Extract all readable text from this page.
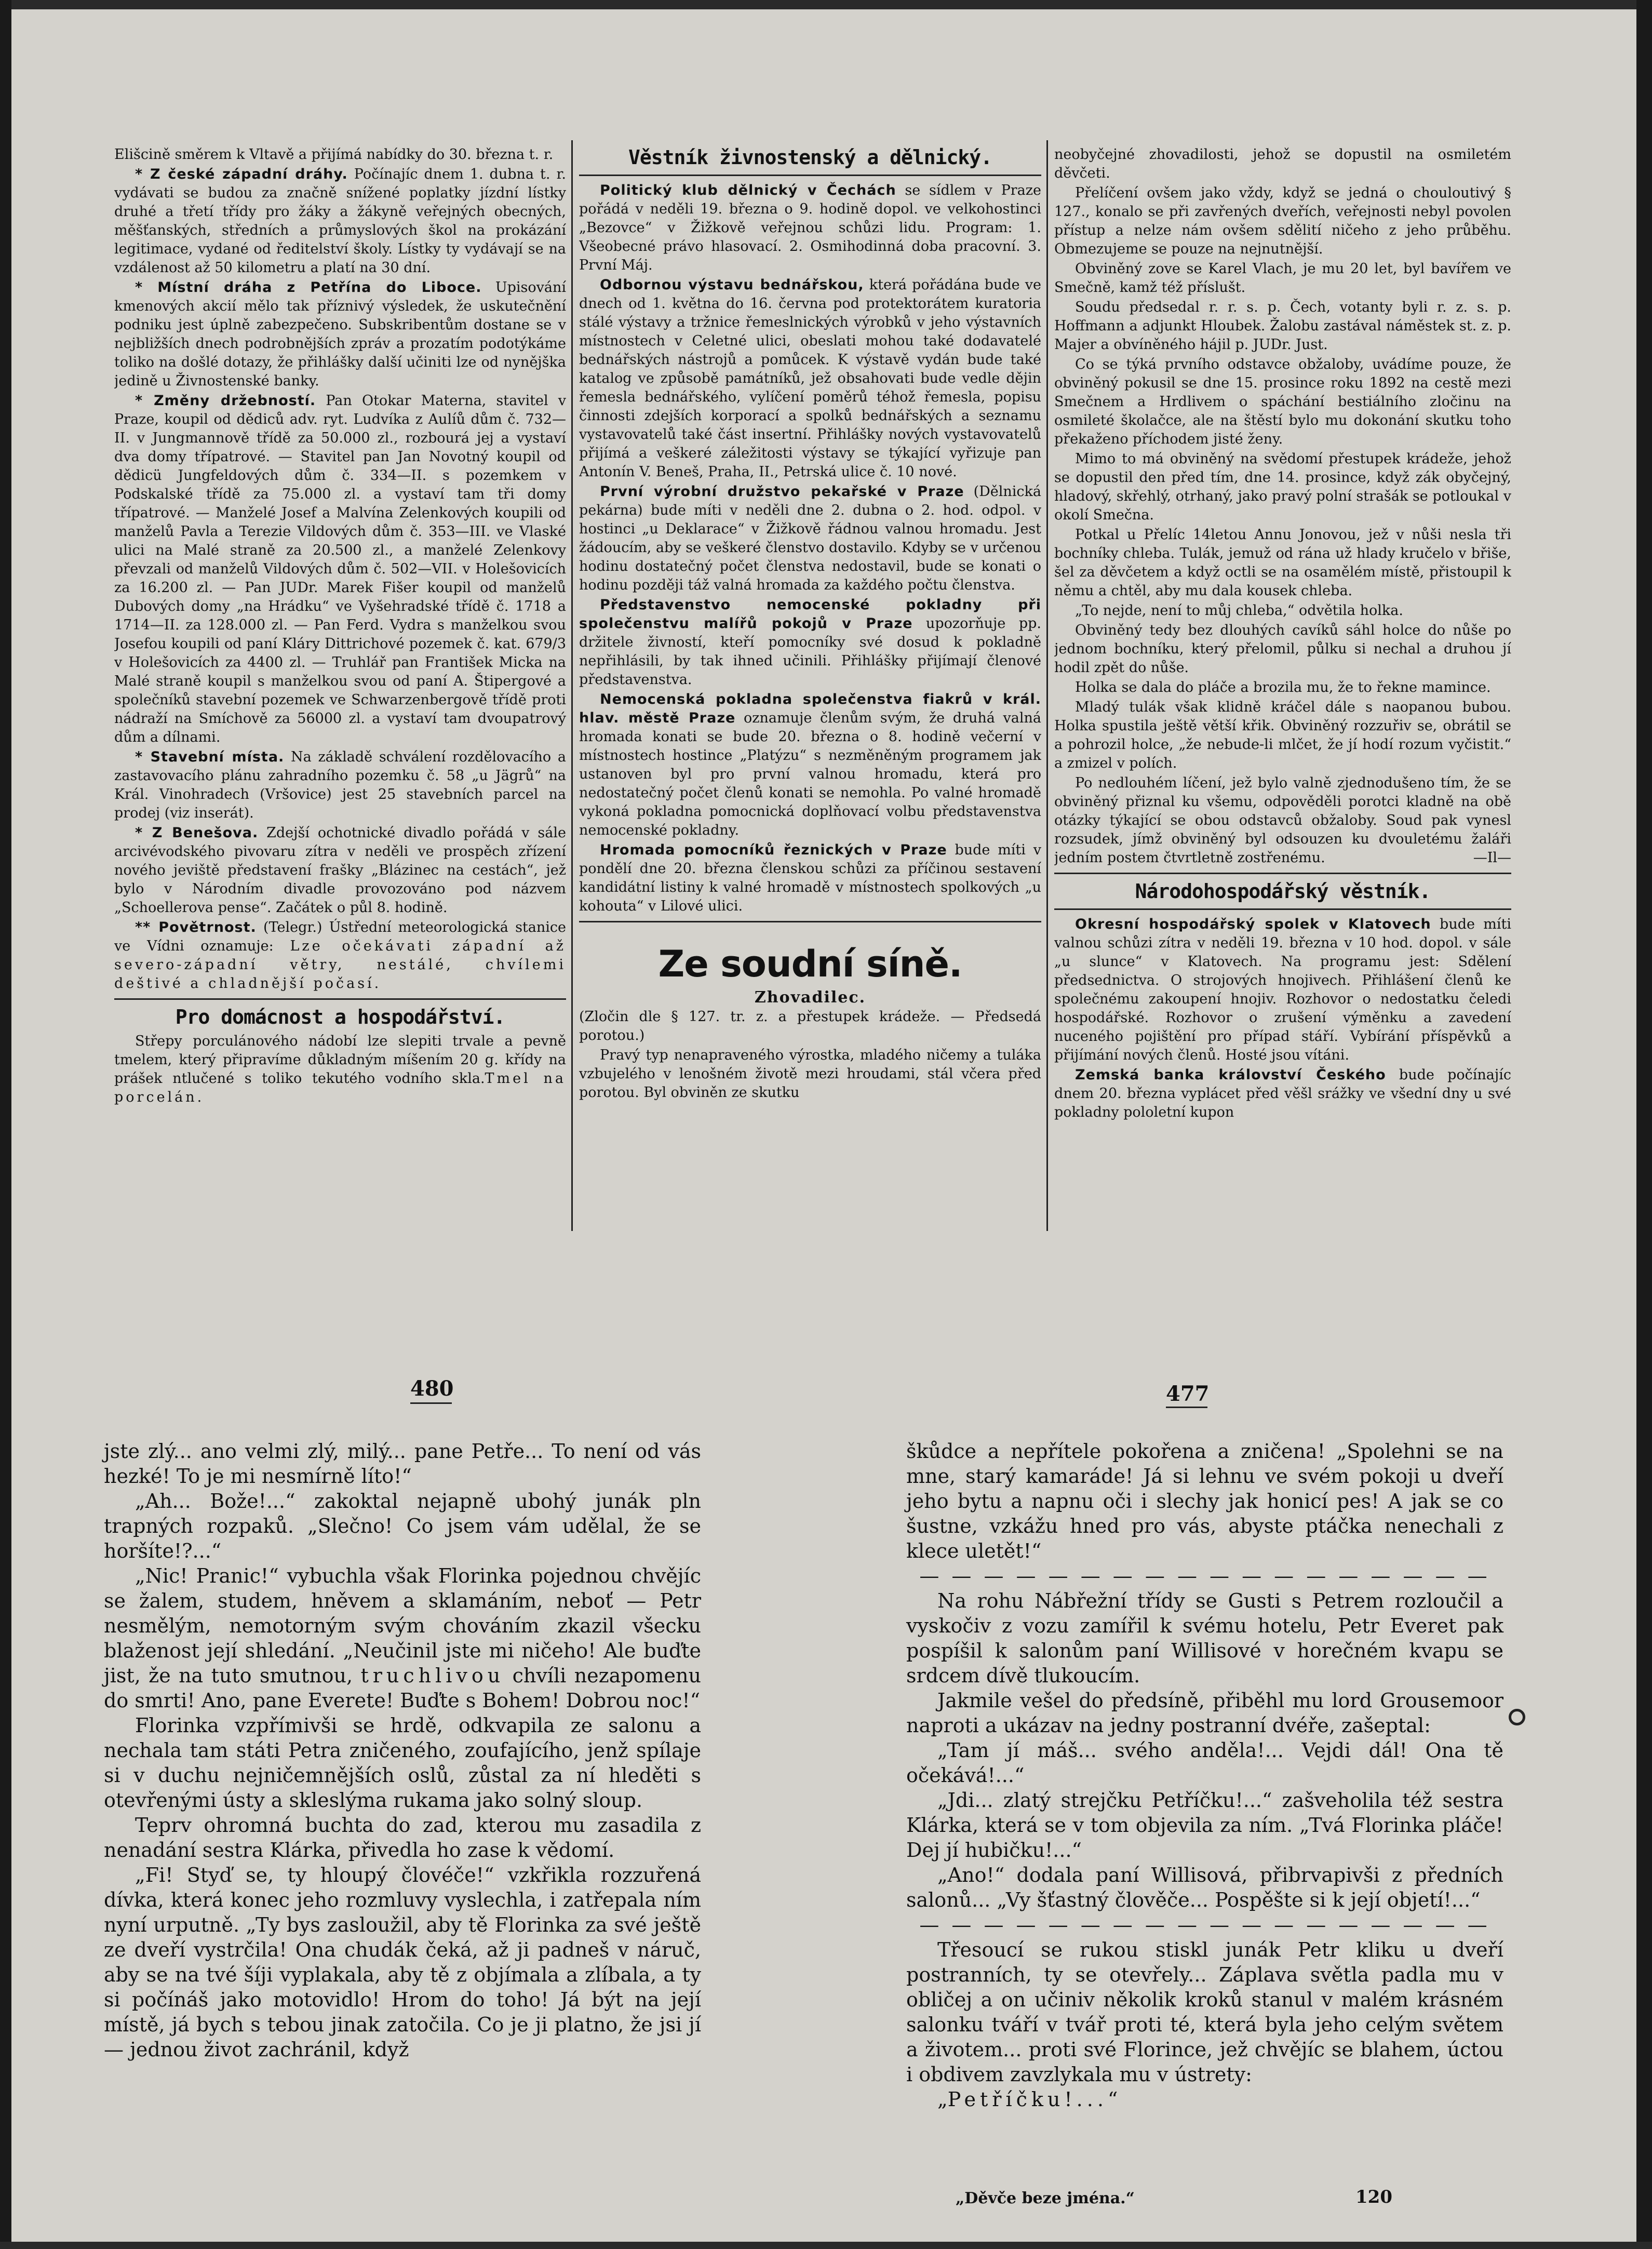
Elišcině směrem k Vltavě a přijímá nabídky do 30. března t. r.

* Z české západní dráhy. Počínajíc dnem 1. dubna t. r. vydávati se budou za značně snížené poplatky jízdní lístky druhé a třetí třídy pro žáky a žákyně veřejných obecných, měšťanských, středních a průmyslových škol na prokázání legitimace, vydané od ředitelství školy. Lístky ty vydávají se na vzdálenost až 50 kilometru a platí na 30 dní.

* Místní dráha z Petřína do Liboce. Upisování kmenových akcií mělo tak příznivý výsledek, že uskutečnění podniku jest úplně zabezpečeno. Subskribentům dostane se v nejbližších dnech podrobnějších zpráv a prozatím podotýkáme toliko na došlé dotazy, že přihlášky další učiniti lze od nynějška jedině u Živnostenské banky.

* Změny držebností. Pan Otokar Materna, stavitel v Praze, koupil od dědiců adv. ryt. Ludvíka z Aulíů dům č. 732—II. v Jungmannově třídě za 50.000 zl., rozbourá jej a vystaví dva domy třípatrové. — Stavitel pan Jan Novotný koupil od dědicü Jungfeldových dům č. 334—II. s pozemkem v Podskalské třídě za 75.000 zl. a vystaví tam tři domy třípatrové. — Manželé Josef a Malvína Zelenkových koupili od manželů Pavla a Terezie Vildových dům č. 353—III. ve Vlaské ulici na Malé straně za 20.500 zl., a manželé Zelenkovy převzali od manželů Vildových dům č. 502—VII. v Holešovicích za 16.200 zl. — Pan JUDr. Marek Fišer koupil od manželů Dubových domy „na Hrádku“ ve Vyšehradské třídě č. 1718 a 1714—II. za 128.000 zl. — Pan Ferd. Vydra s manželkou svou Josefou koupili od paní Kláry Dittrichové pozemek č. kat. 679/3 v Holešovicích za 4400 zl. — Truhlář pan František Micka na Malé straně koupil s manželkou svou od paní A. Štipergové a společníků stavební pozemek ve Schwarzenbergově třídě proti nádraží na Smíchově za 56000 zl. a vystaví tam dvoupatrový dům a dílnami.

* Stavební místa. Na základě schválení rozdělovacího a zastavovacího plánu zahradního pozemku č. 58 „u Jägrů“ na Král. Vinohradech (Vršovice) jest 25 stavebních parcel na prodej (viz inserát).

* Z Benešova. Zdejší ochotnické divadlo pořádá v sále arcivévodského pivovaru zítra v neděli ve prospěch zřízení nového jeviště představení frašky „Blázinec na cestách“, jež bylo v Národním divadle provozováno pod názvem „Schoellerova pense“. Začátek o půl 8. hodině.

** Povětrnost. (Telegr.) Ústřední meteorologická stanice ve Vídni oznamuje: Lze očekávati západní až severo-západní větry, nestálé, chvílemi deštivé a chladnější počasí.

Pro domácnost a hospodářství.

Střepy porculánového nádobí lze slepiti trvale a pevně tmelem, který připravíme důkladným míšením 20 g. křídy na prášek ntlučené s toliko tekutého vodního skla.Tmel na porcelán.

Věstník živnostenský a dělnický.

Politický klub dělnický v Čechách se sídlem v Praze pořádá v neděli 19. března o 9. hodině dopol. ve velkohostinci „Bezovce“ v Žižkově veřejnou schůzi lidu. Program: 1. Všeobecné právo hlasovací. 2. Osmihodinná doba pracovní. 3. První Máj.

Odbornou výstavu bednářskou, která pořádána bude ve dnech od 1. května do 16. června pod protektorátem kuratoria stálé výstavy a tržnice řemeslnických výrobků v jeho výstavních místnostech v Celetné ulici, obeslati mohou také dodavatelé bednářských nástrojů a pomůcek. K výstavě vydán bude také katalog ve způsobě památníků, jež obsahovati bude vedle dějin řemesla bednářského, vylíčení poměrů téhož řemesla, popisu činnosti zdejších korporací a spolků bednářských a seznamu vystavovatelů také část insertní. Přihlášky nových vystavovatelů přijímá a veškeré záležitosti výstavy se týkající vyřizuje pan Antonín V. Beneš, Praha, II., Petrská ulice č. 10 nové.

První výrobní družstvo pekařské v Praze (Dělnická pekárna) bude míti v neděli dne 2. dubna o 2. hod. odpol. v hostinci „u Deklarace“ v Žižkově řádnou valnou hromadu. Jest žádoucím, aby se veškeré členstvo dostavilo. Kdyby se v určenou hodinu dostatečný počet členstva nedostavil, bude se konati o hodinu později táž valná hromada za každého počtu členstva.

Představenstvo nemocenské pokladny při společenstvu malířů pokojů v Praze upozorňuje pp. držitele živností, kteří pomocníky své dosud k pokladně nepřihlásili, by tak ihned učinili. Přihlášky přijímají členové představenstva.

Nemocenská pokladna společenstva fiakrů v král. hlav. městě Praze oznamuje členům svým, že druhá valná hromada konati se bude 20. března o 8. hodině večerní v místnostech hostince „Platýzu“ s nezměněným programem jak ustanoven byl pro první valnou hromadu, která pro nedostatečný počet členů konati se nemohla. Po valné hromadě vykoná pokladna pomocnická doplňovací volbu představenstva nemocenské pokladny.

Hromada pomocníků řeznických v Praze bude míti v pondělí dne 20. března členskou schůzi za příčinou sestavení kandidátní listiny k valné hromadě v místnostech spolkových „u kohouta“ v Lilové ulici.

Ze soudní síně.
Zhovadilec.

(Zločin dle § 127. tr. z. a přestupek krádeže. — Předsedá porotou.)

Pravý typ nenapraveného výrostka, mladého ničemy a tuláka vzbujelého v lenošném životě mezi hroudami, stál včera před porotou. Byl obviněn ze skutku

neobyčejné zhovadilosti, jehož se dopustil na osmiletém děvčeti.

Přelíčení ovšem jako vždy, když se jedná o chouloutivý § 127., konalo se při zavřených dveřích, veřejnosti nebyl povolen přístup a nelze nám ovšem sdělití ničeho z jeho průběhu. Obmezujeme se pouze na nejnutnější.

Obviněný zove se Karel Vlach, je mu 20 let, byl bavířem ve Smečně, kamž též příslušt.

Soudu předsedal r. r. s. p. Čech, votanty byli r. z. s. p. Hoffmann a adjunkt Hloubek. Žalobu zastával náměstek st. z. p. Majer a obvíněného hájil p. JUDr. Just.

Co se týká prvního odstavce obžaloby, uvádíme pouze, že obviněný pokusil se dne 15. prosince roku 1892 na cestě mezi Smečnem a Hrdlivem o spáchání bestiálního zločinu na osmileté školačce, ale na štěstí bylo mu dokonání skutku toho překaženo příchodem jisté ženy.

Mimo to má obviněný na svědomí přestupek krádeže, jehož se dopustil den před tím, dne 14. prosince, když zák obyčejný, hladový, skřehlý, otrhaný, jako pravý polní strašák se potloukal v okolí Smečna.

Potkal u Přelíc 14letou Annu Jonovou, jež v nůši nesla tři bochníky chleba. Tulák, jemuž od rána už hlady kručelo v břiše, šel za děvčetem a když octli se na osamělém místě, přistoupil k němu a chtěl, aby mu dala kousek chleba.

„To nejde, není to můj chleba,“ odvětila holka.

Obviněný tedy bez dlouhých cavíků sáhl holce do nůše po jednom bochníku, který přelomil, půlku si nechal a druhou jí hodil zpět do nůše.

Holka se dala do pláče a brozila mu, že to řekne mamince.

Mladý tulák však klidně kráčel dále s naopanou bubou. Holka spustila ještě větší křik. Obviněný rozzuřiv se, obrátil se a pohrozil holce, „že nebude-li mlčet, že jí hodí rozum vyčistit.“ a zmizel v polích.

Po nedlouhém líčení, jež bylo valně zjednodušeno tím, že se obviněný přiznal ku všemu, odpověděli porotci kladně na obě otázky týkající se obou odstavců obžaloby. Soud pak vynesl rozsudek, jímž obviněný byl odsouzen ku dvouletému žaláři jedním postem čtvrtletně zostřenému.	—Il—

Národohospodářský věstník.

Okresní hospodářský spolek v Klatovech bude míti valnou schůzi zítra v neděli 19. března v 10 hod. dopol. v sále „u slunce“ v Klatovech. Na programu jest: Sdělení předsednictva. O strojových hnojivech. Přihlášení členů ke společnému zakoupení hnojiv. Rozhovor o nedostatku čeledi hospodářské. Rozhovor o zrušení výměnku a zavedení nuceného pojištění pro případ stáří. Vybírání příspěvků a přijímání nových členů. Hosté jsou vítáni.

Zemská banka království Českého bude počínajíc dnem 20. března vyplácet před věšl srážky ve všední dny u své pokladny pololetní kupon

480	477

jste zlý... ano velmi zlý, milý... pane Petře... To není od vás hezké! To je mi nesmírně líto!“

„Ah... Bože!...“ zakoktal nejapně ubohý junák pln trapných rozpaků. „Slečno! Co jsem vám udělal, že se horšíte!?...“

„Nic! Pranic!“ vybuchla však Florinka pojednou chvějíc se žalem, studem, hněvem a sklamáním, neboť — Petr nesmělým, nemotorným svým chováním zkazil všecku blaženost její shledání. „Neučinil jste mi ničeho! Ale buďte jist, že na tuto smutnou, truchlivou chvíli nezapomenu do smrti! Ano, pane Everete! Buďte s Bohem! Dobrou noc!“

Florinka vzpřímivši se hrdě, odkvapila ze salonu a nechala tam státi Petra zničeného, zoufajícího, jenž spílaje si v duchu nejničemnějších oslů, zůstal za ní hleděti s otevřenými ústy a skleslýma rukama jako solný sloup.

Teprv ohromná buchta do zad, kterou mu zasadila z nenadání sestra Klárka, přivedla ho zase k vědomí.

„Fi! Styď se, ty hloupý človéče!“ vzkřikla rozzuřená dívka, která konec jeho rozmluvy vyslechla, i zatřepala ním nyní urputně. „Ty bys zasloužil, aby tě Florinka za své ještě ze dveří vystrčila! Ona chudák čeká, až ji padneš v náruč, aby se na tvé šíji vyplakala, aby tě z objímala a zlíbala, a ty si počínáš jako motovidlo! Hrom do toho! Já být na její místě, já bych s tebou jinak zatočila. Co je ji platno, že jsi jí — jednou život zachránil, když

škůdce a nepřítele pokořena a zničena! „Spolehni se na mne, starý kamaráde! Já si lehnu ve svém pokoji u dveří jeho bytu a napnu oči i slechy jak honicí pes! A jak se co šustne, vzkážu hned pro vás, abyste ptáčka nenechali z klece uletět!“

— — — — — — — — — — — — — — — — — —

Na rohu Nábřežní třídy se Gusti s Petrem rozloučil a vyskočiv z vozu zamířil k svému hotelu, Petr Everet pak pospíšil k salonům paní Willisové v horečném kvapu se srdcem dívě tlukoucím.

Jakmile vešel do předsíně, přiběhl mu lord Grousemoor naproti a ukázav na jedny postranní dvéře, zašeptal:

„Tam jí máš... svého anděla!... Vejdi dál! Ona tě očekává!...“

„Jdi... zlatý strejčku Petříčku!...“ zašveholila též sestra Klárka, která se v tom objevila za ním. „Tvá Florinka pláče! Dej jí hubičku!...“

„Ano!“ dodala paní Willisová, přibrvapivši z předních salonů... „Vy šťastný člověče... Pospěšte si k její objetí!...“

— — — — — — — — — — — — — — — — — —

Třesoucí se rukou stiskl junák Petr kliku u dveří postranních, ty se otevřely... Záplava světla padla mu v obličej a on učiniv několik kroků stanul v malém krásném salonku tváří v tvář proti té, která byla jeho celým světem a životem... proti své Florince, jež chvějíc se blahem, úctou i obdivem zavzlykala mu v ústrety:

„Petříčku!...“

„Děvče beze jména.“	120
